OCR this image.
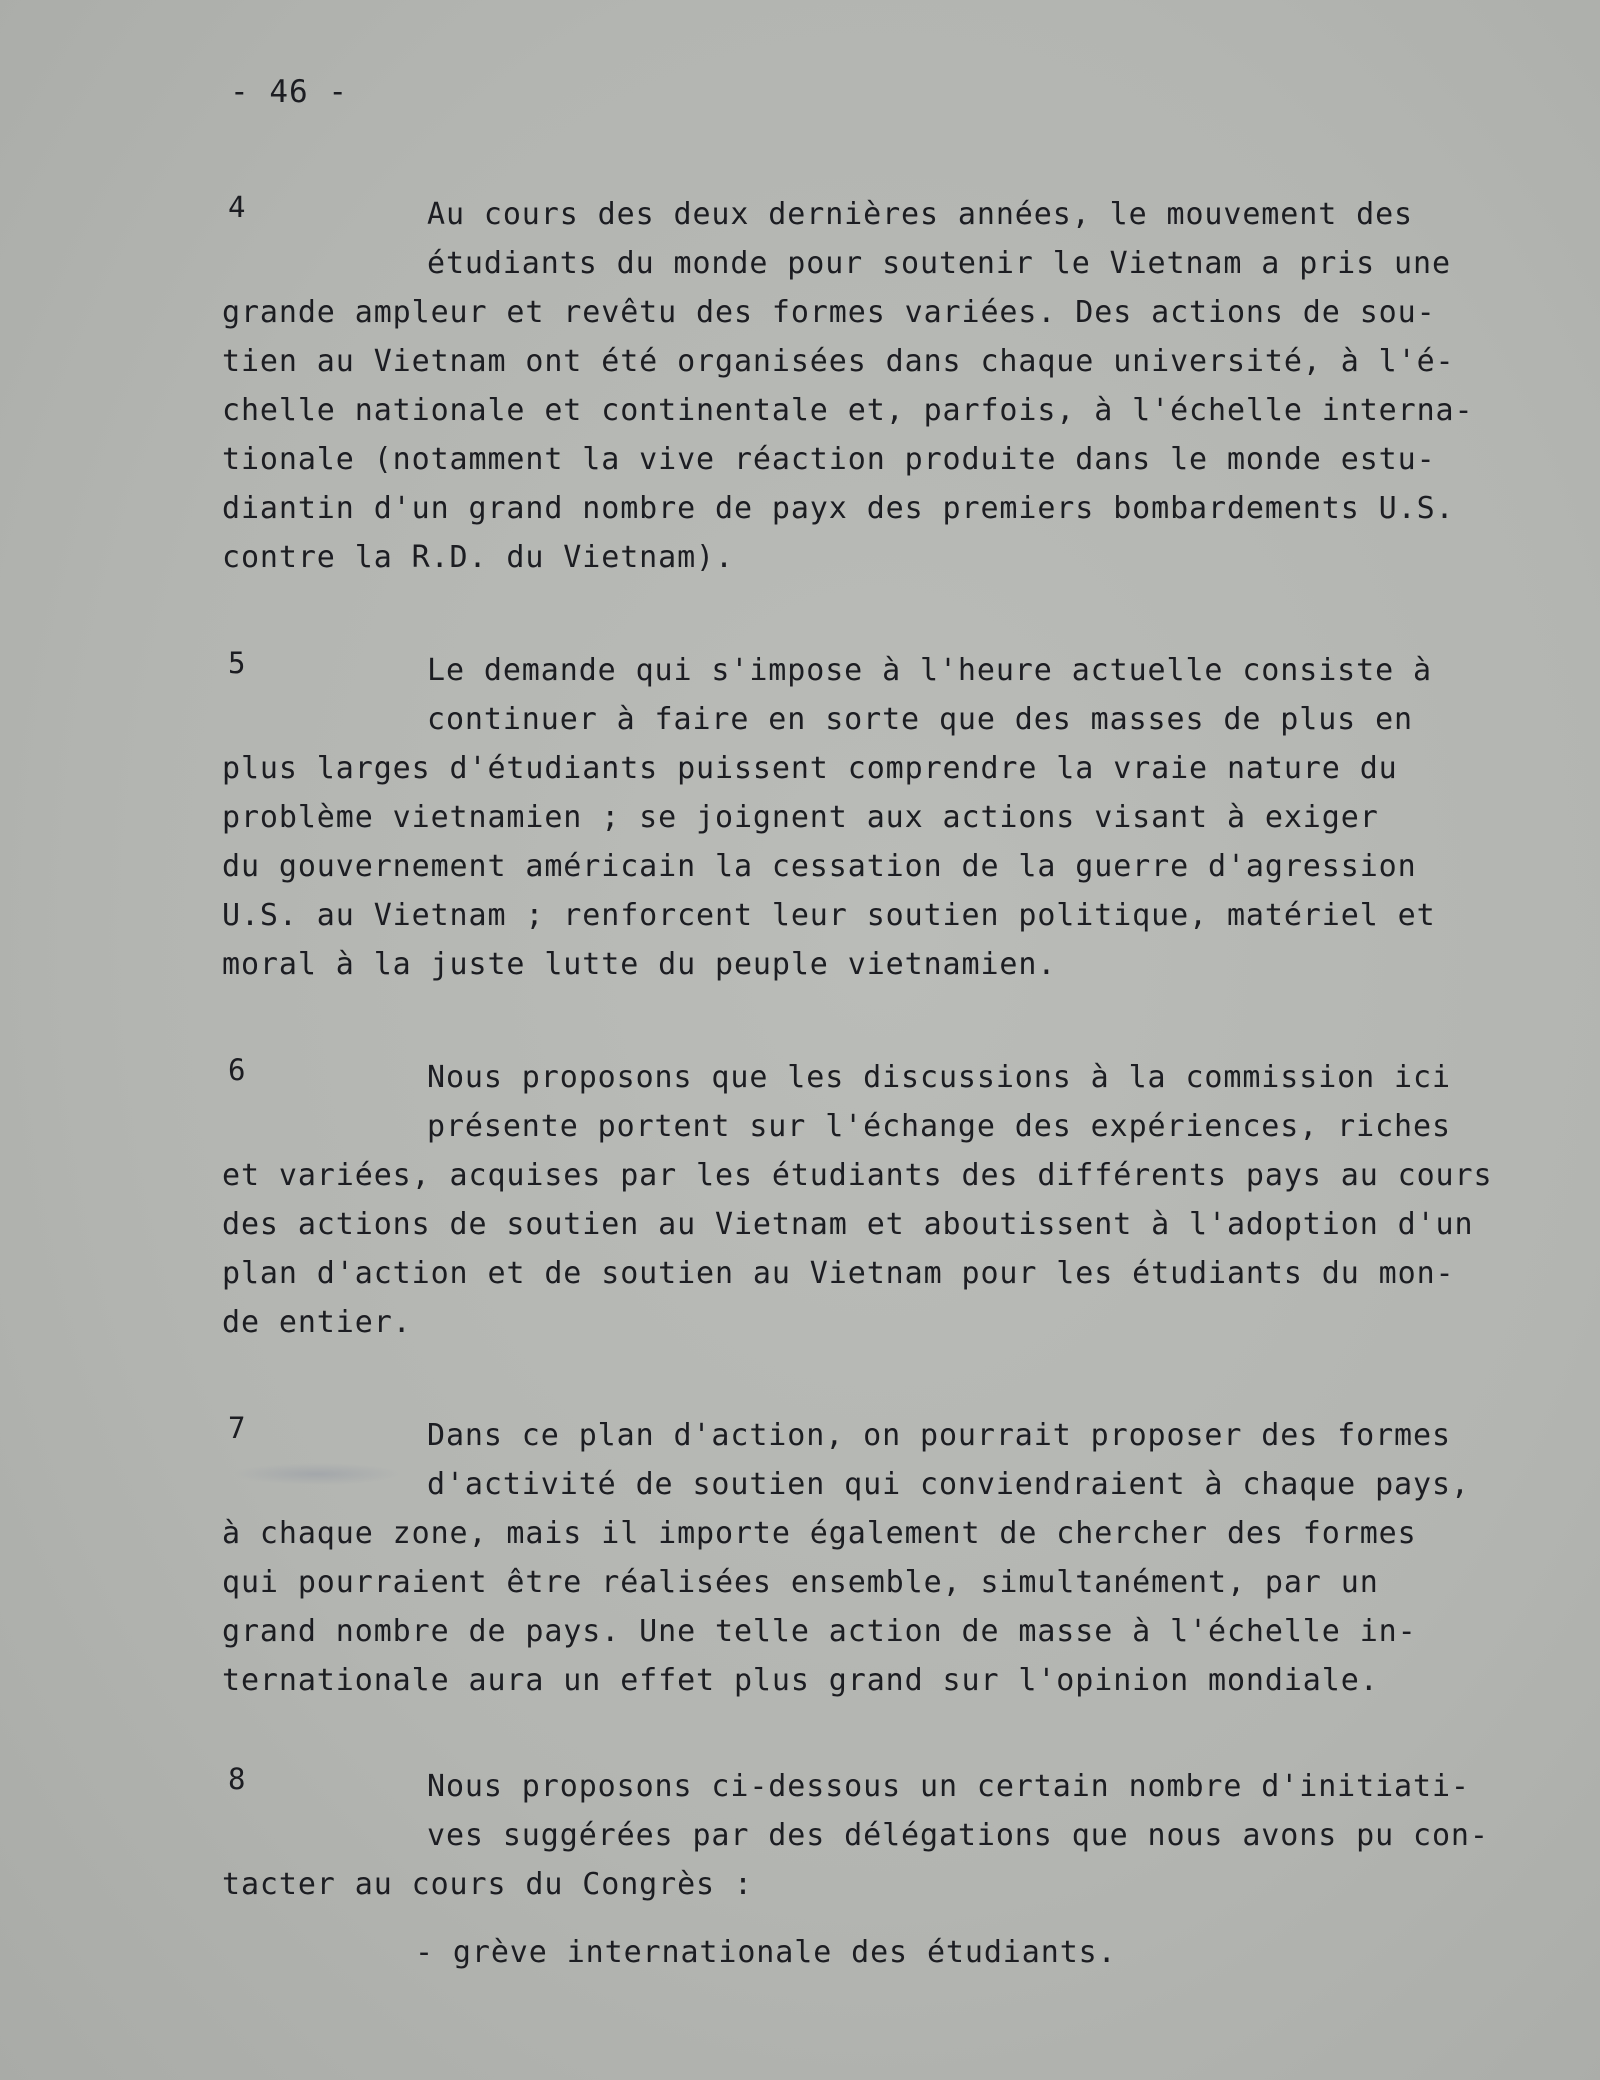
- 46 -
4	Au cours des deux dernières années, le mouvement des
étudiants du monde pour soutenir le Vietnam a pris une
grande ampleur et revêtu des formes variées. Des actions de sou-
tien au Vietnam ont été organisées dans chaque université, à l'é-
chelle nationale et continentale et, parfois, à l'échelle interna-
tionale (notamment la vive réaction produite dans le monde estu-
diantin d'un grand nombre de payx des premiers bombardements U.S.
contre la R.D. du Vietnam).
5	Le demande qui s'impose à l'heure actuelle consiste à
continuer à faire en sorte que des masses de plus en
plus larges d'étudiants puissent comprendre la vraie nature du
problème vietnamien ; se joignent aux actions visant à exiger
du gouvernement américain la cessation de la guerre d'agression
U.S. au Vietnam ; renforcent leur soutien politique, matériel et
moral à la juste lutte du peuple vietnamien.
6	Nous proposons que les discussions à la commission ici
présente portent sur l'échange des expériences, riches
et variées, acquises par les étudiants des différents pays au cours
des actions de soutien au Vietnam et aboutissent à l'adoption d'un
plan d'action et de soutien au Vietnam pour les étudiants du mon-
de entier.
7	Dans ce plan d'action, on pourrait proposer des formes
d'activité de soutien qui conviendraient à chaque pays,
à chaque zone, mais il importe également de chercher des formes
qui pourraient être réalisées ensemble, simultanément, par un
grand nombre de pays. Une telle action de masse à l'échelle in-
ternationale aura un effet plus grand sur l'opinion mondiale.
8	Nous proposons ci-dessous un certain nombre d'initiati-
ves suggérées par des délégations que nous avons pu con-
tacter au cours du Congrès :
- grève internationale des étudiants.
